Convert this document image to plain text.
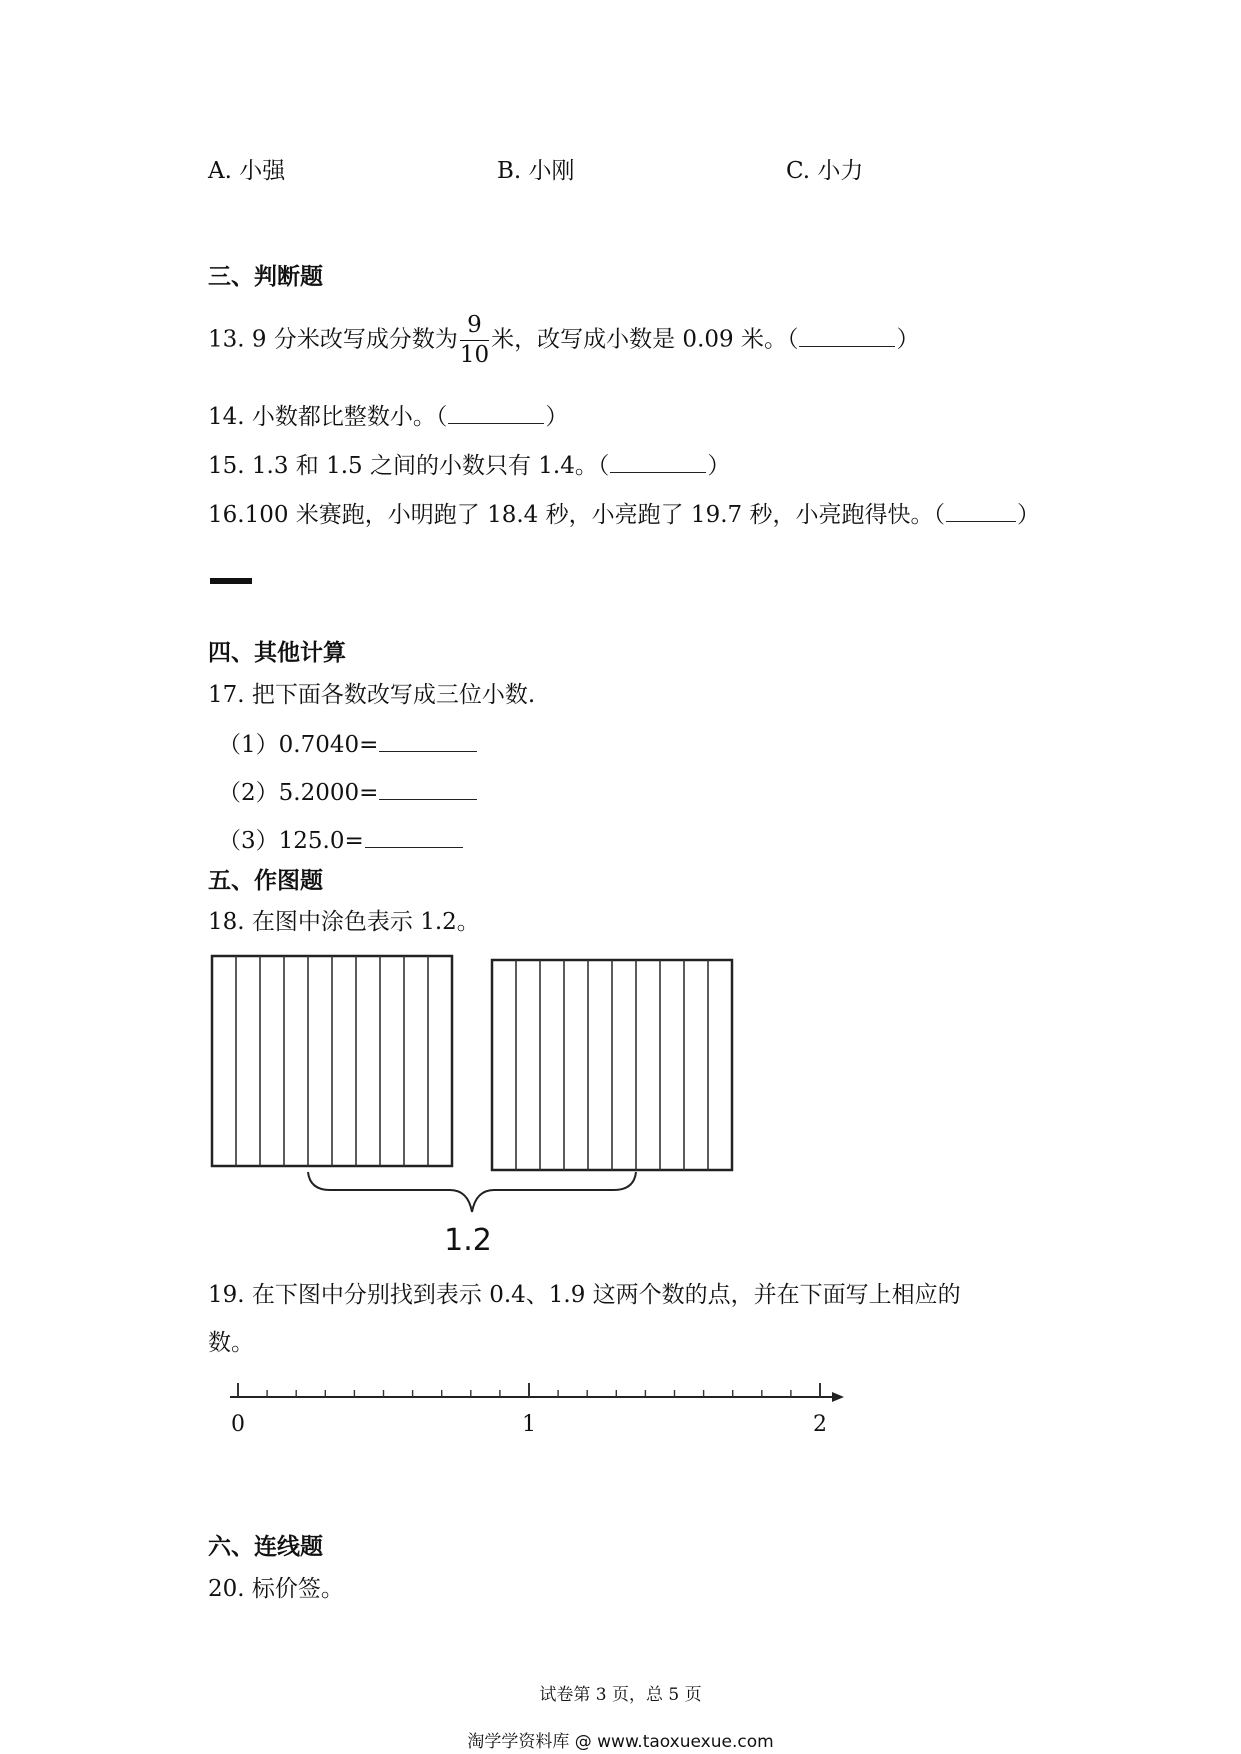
A. 小强	B. 小刚	C. 小力
三、判断题
13. 9 分米改写成分数为 $\frac{9}{10}$ 米，改写成小数是 0.09 米。（	）
14. 小数都比整数小。（	）
15. 1.3 和 1.5 之间的小数只有 1.4。（	）
16.100 米赛跑，小明跑了 18.4 秒，小亮跑了 19.7 秒，小亮跑得快。（	）
四、其他计算
17. 把下面各数改写成三位小数.
（1）0.7040=
（2）5.2000=
（3）125.0=
五、作图题
18. 在图中涂色表示 1.2。
1.2
19. 在下图中分别找到表示 0.4、1.9 这两个数的点，并在下面写上相应的
数。
0	1	2
六、连线题
20. 标价签。
试卷第 3 页，总 5 页
淘学学资料库 @ www.taoxuexue.com
